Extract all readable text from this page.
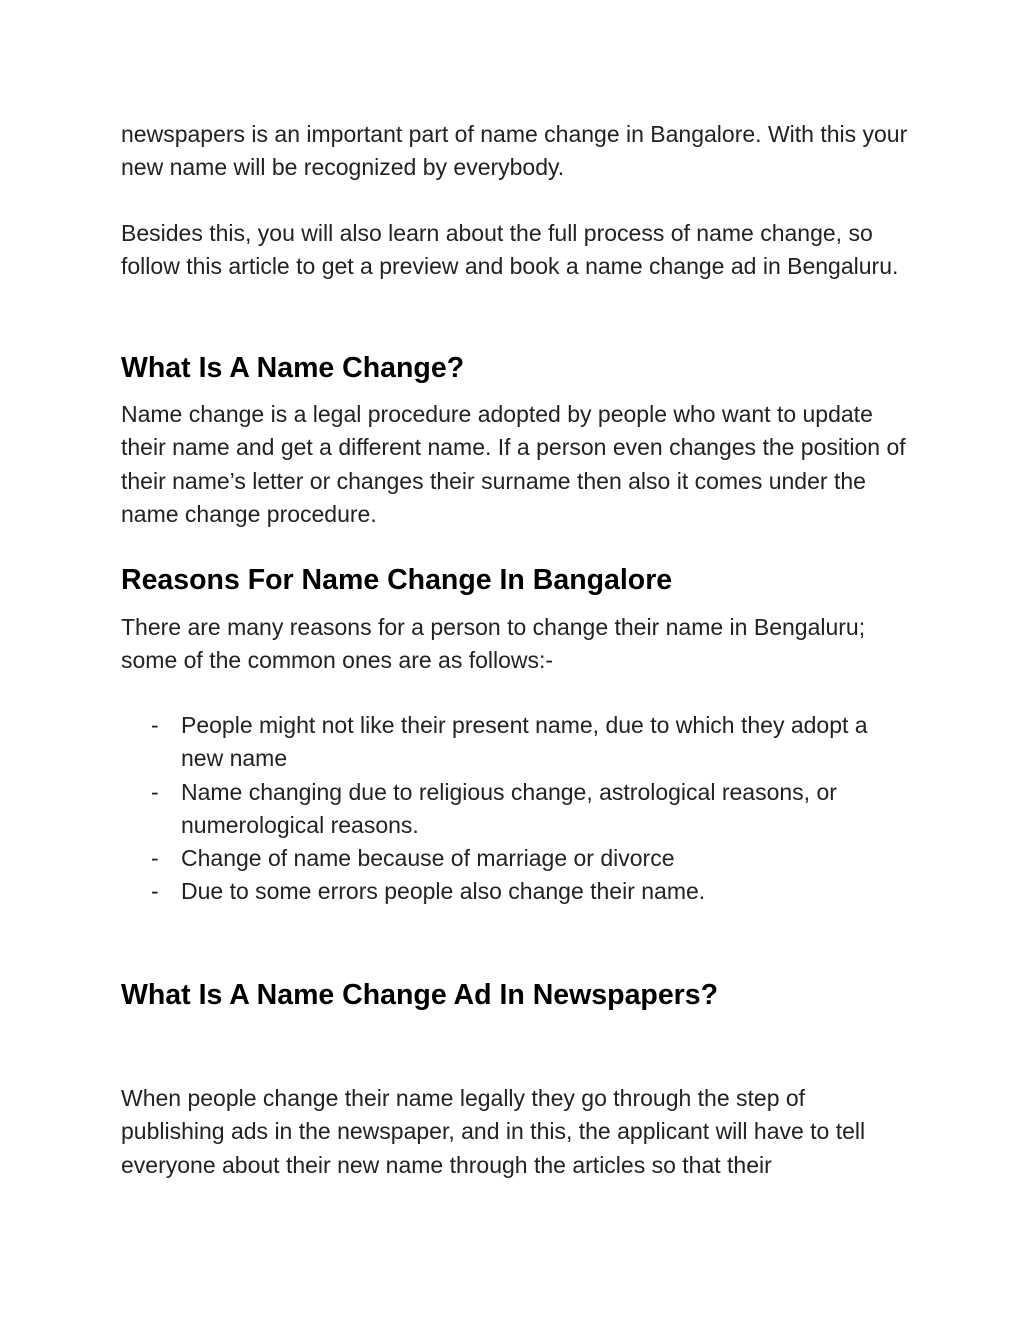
newspapers is an important part of name change in Bangalore. With this your new name will be recognized by everybody.

Besides this, you will also learn about the full process of name change, so follow this article to get a preview and book a name change ad in Bengaluru.

What Is A Name Change?

Name change is a legal procedure adopted by people who want to update their name and get a different name. If a person even changes the position of their name’s letter or changes their surname then also it comes under the name change procedure.

Reasons For Name Change In Bangalore

There are many reasons for a person to change their name in Bengaluru; some of the common ones are as follows:-

- People might not like their present name, due to which they adopt a new name
- Name changing due to religious change, astrological reasons, or numerological reasons.
- Change of name because of marriage or divorce
- Due to some errors people also change their name.
What Is A Name Change Ad In Newspapers?

When people change their name legally they go through the step of publishing ads in the newspaper, and in this, the applicant will have to tell everyone about their new name through the articles so that their
